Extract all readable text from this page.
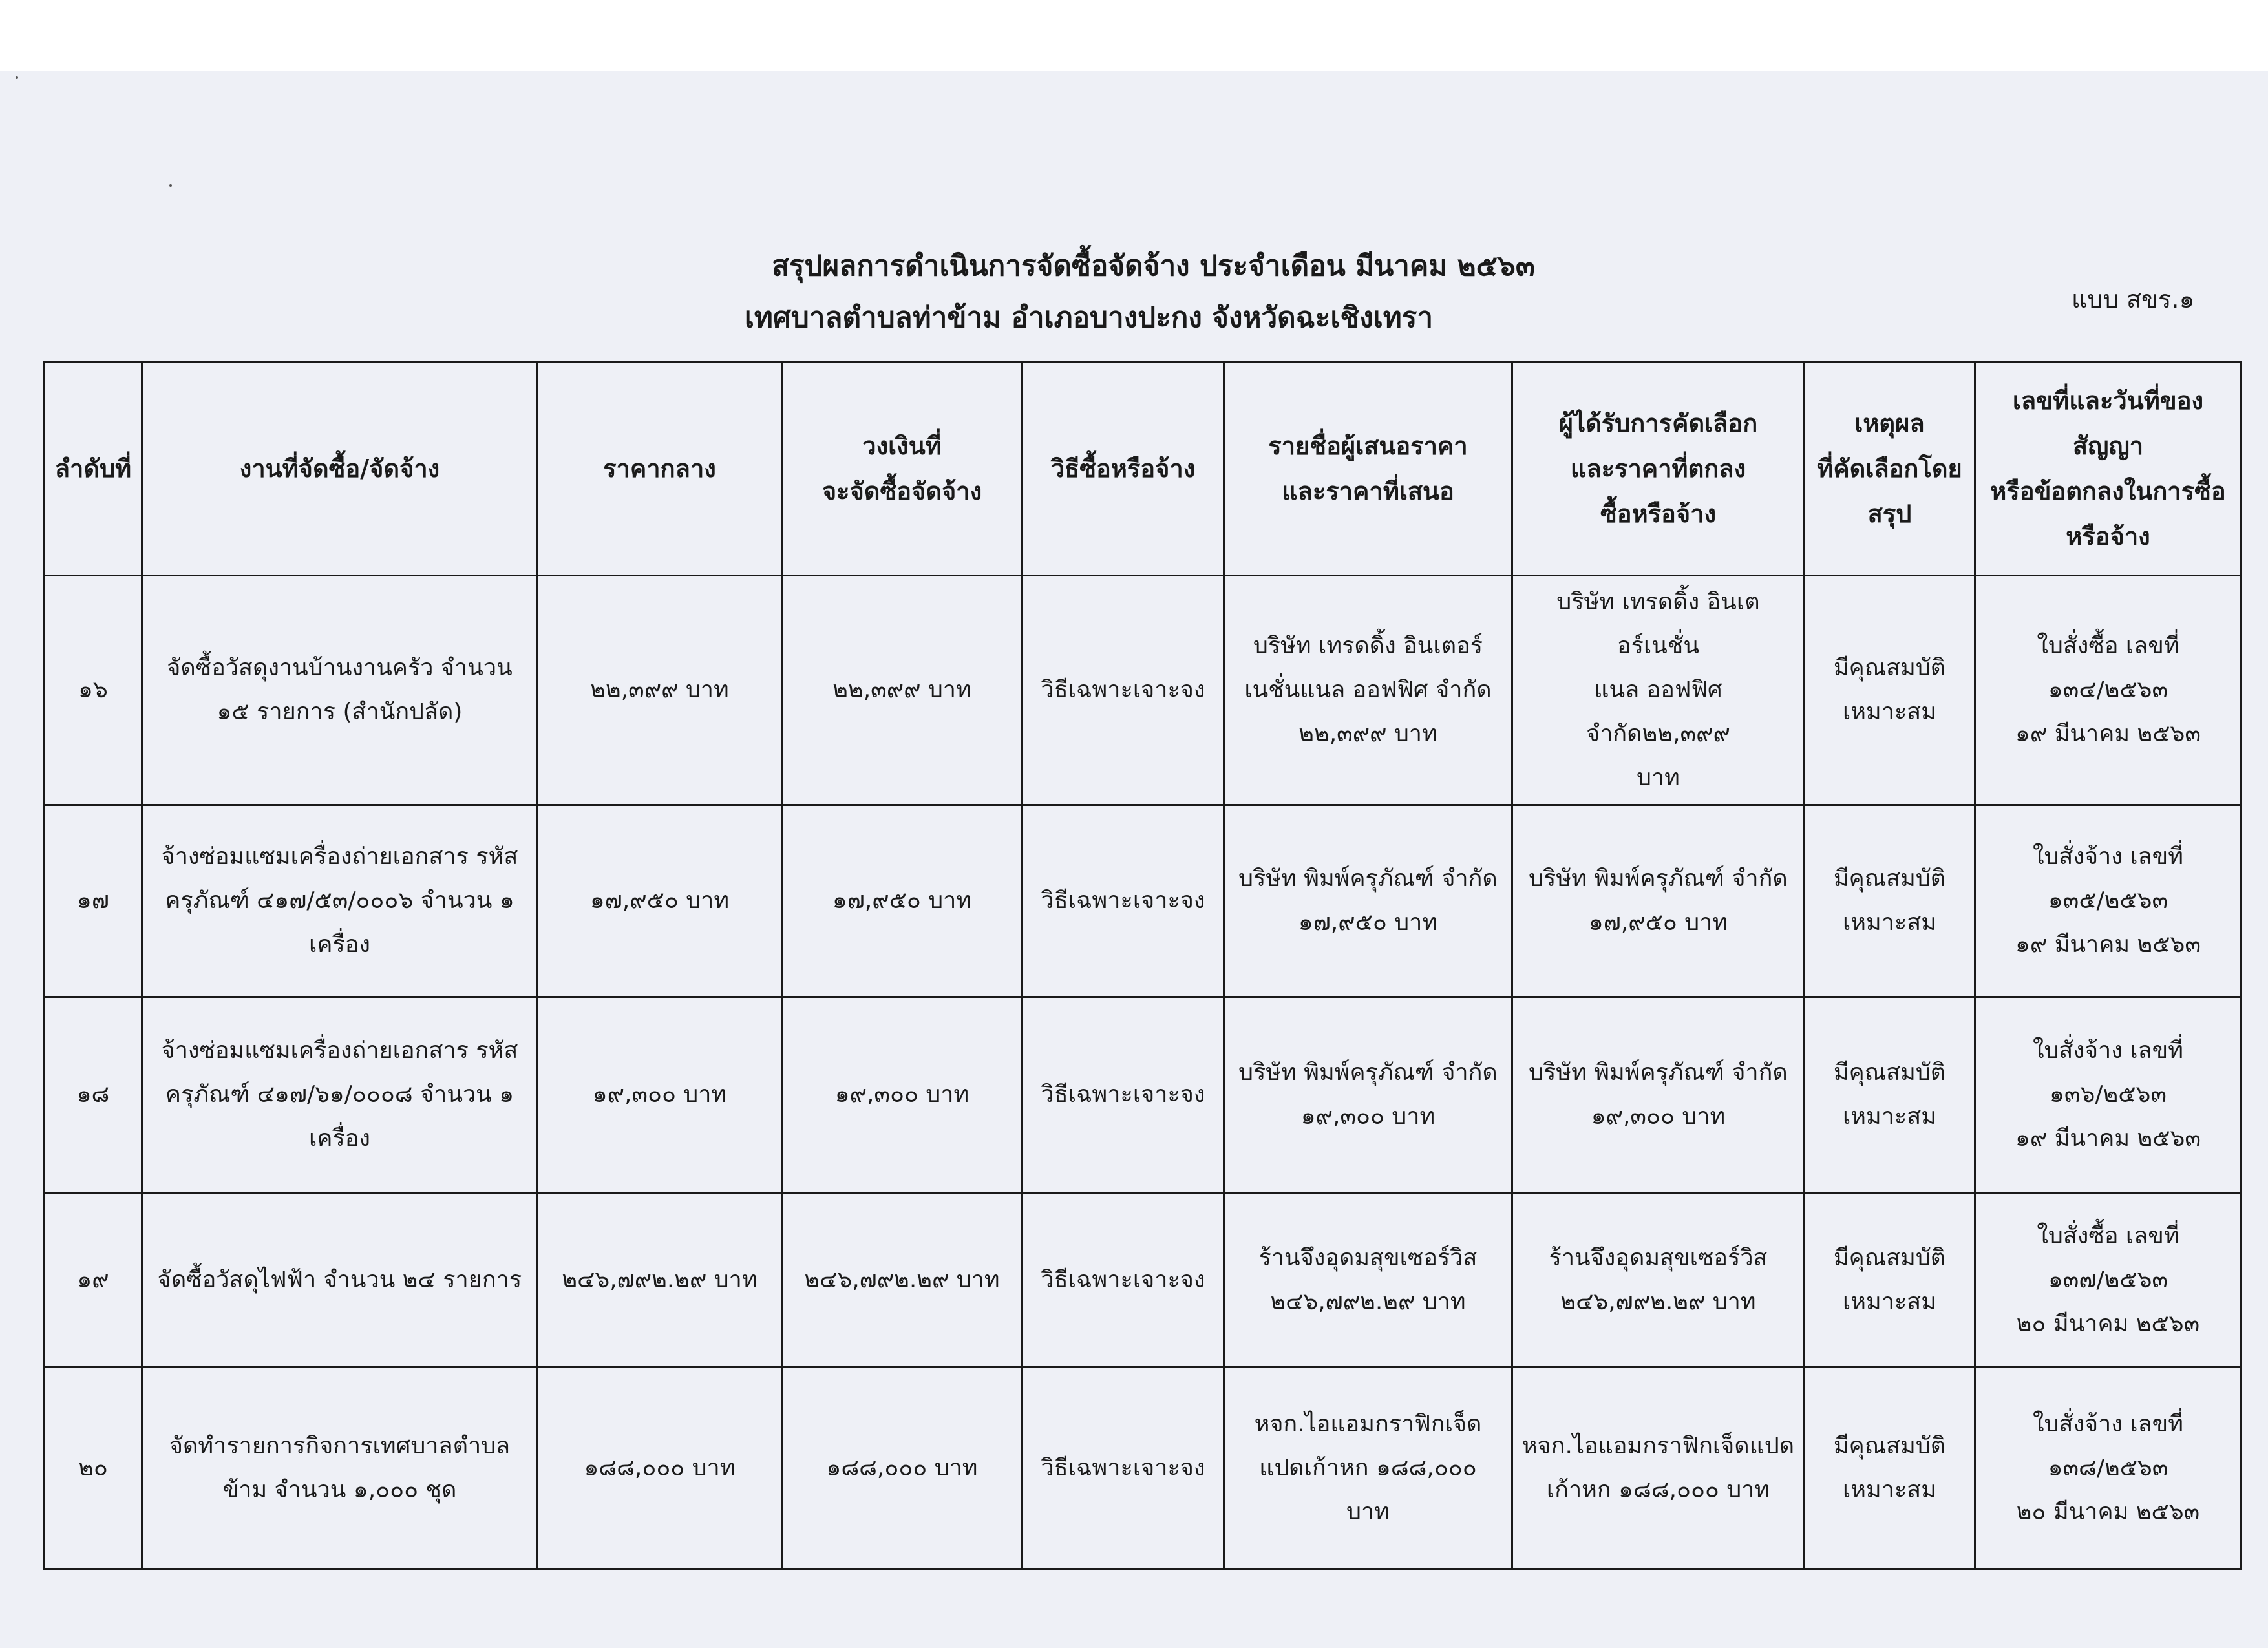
สรุปผลการดำเนินการจัดซื้อจัดจ้าง ประจำเดือน มีนาคม ๒๕๖๓
เทศบาลตำบลท่าข้าม อำเภอบางปะกง จังหวัดฉะเชิงเทรา
แบบ สขร.๑
ลำดับที่	งานที่จัดซื้อ/จัดจ้าง	ราคากลาง	วงเงินที่
จะจัดซื้อจัดจ้าง	วิธีซื้อหรือจ้าง	รายชื่อผู้เสนอราคา
และราคาที่เสนอ	ผู้ได้รับการคัดเลือก
และราคาที่ตกลง
ซื้อหรือจ้าง	เหตุผล
ที่คัดเลือกโดย
สรุป	เลขที่และวันที่ของสัญญา
หรือข้อตกลงในการซื้อ
หรือจ้าง

๑๖	จัดซื้อวัสดุงานบ้านงานครัว จำนวน
๑๕ รายการ (สำนักปลัด)	๒๒,๓๙๙ บาท	๒๒,๓๙๙ บาท	วิธีเฉพาะเจาะจง	บริษัท เทรดดิ้ง อินเตอร์
เนชั่นแนล ออฟฟิศ จำกัด
๒๒,๓๙๙ บาท	บริษัท เทรดดิ้ง อินเตอร์เนชั่น
แนล ออฟฟิศ จำกัด๒๒,๓๙๙
บาท	มีคุณสมบัติ
เหมาะสม	ใบสั่งซื้อ เลขที่
๑๓๔/๒๕๖๓
๑๙ มีนาคม ๒๕๖๓

๑๗	จ้างซ่อมแซมเครื่องถ่ายเอกสาร รหัส
ครุภัณฑ์ ๔๑๗/๕๓/๐๐๐๖ จำนวน ๑
เครื่อง	๑๗,๙๕๐ บาท	๑๗,๙๕๐ บาท	วิธีเฉพาะเจาะจง	บริษัท พิมพ์ครุภัณฑ์ จำกัด
๑๗,๙๕๐ บาท	บริษัท พิมพ์ครุภัณฑ์ จำกัด
๑๗,๙๕๐ บาท	มีคุณสมบัติ
เหมาะสม	ใบสั่งจ้าง เลขที่
๑๓๕/๒๕๖๓
๑๙ มีนาคม ๒๕๖๓

๑๘	จ้างซ่อมแซมเครื่องถ่ายเอกสาร รหัส
ครุภัณฑ์ ๔๑๗/๖๑/๐๐๐๘ จำนวน ๑
เครื่อง	๑๙,๓๐๐ บาท	๑๙,๓๐๐ บาท	วิธีเฉพาะเจาะจง	บริษัท พิมพ์ครุภัณฑ์ จำกัด
๑๙,๓๐๐ บาท	บริษัท พิมพ์ครุภัณฑ์ จำกัด
๑๙,๓๐๐ บาท	มีคุณสมบัติ
เหมาะสม	ใบสั่งจ้าง เลขที่
๑๓๖/๒๕๖๓
๑๙ มีนาคม ๒๕๖๓

๑๙	จัดซื้อวัสดุไฟฟ้า จำนวน ๒๔ รายการ	๒๔๖,๗๙๒.๒๙ บาท	๒๔๖,๗๙๒.๒๙ บาท	วิธีเฉพาะเจาะจง	ร้านจึงอุดมสุขเซอร์วิส
๒๔๖,๗๙๒.๒๙ บาท	ร้านจึงอุดมสุขเซอร์วิส
๒๔๖,๗๙๒.๒๙ บาท	มีคุณสมบัติ
เหมาะสม	ใบสั่งซื้อ เลขที่
๑๓๗/๒๕๖๓
๒๐ มีนาคม ๒๕๖๓

๒๐	จัดทำรายการกิจการเทศบาลตำบล
ข้าม จำนวน ๑,๐๐๐ ชุด	๑๘๘,๐๐๐ บาท	๑๘๘,๐๐๐ บาท	วิธีเฉพาะเจาะจง	หจก.ไอแอมกราฟิกเจ็ด
แปดเก้าหก ๑๘๘,๐๐๐
บาท	หจก.ไอแอมกราฟิกเจ็ดแปด
เก้าหก ๑๘๘,๐๐๐ บาท	มีคุณสมบัติ
เหมาะสม	ใบสั่งจ้าง เลขที่
๑๓๘/๒๕๖๓
๒๐ มีนาคม ๒๕๖๓
